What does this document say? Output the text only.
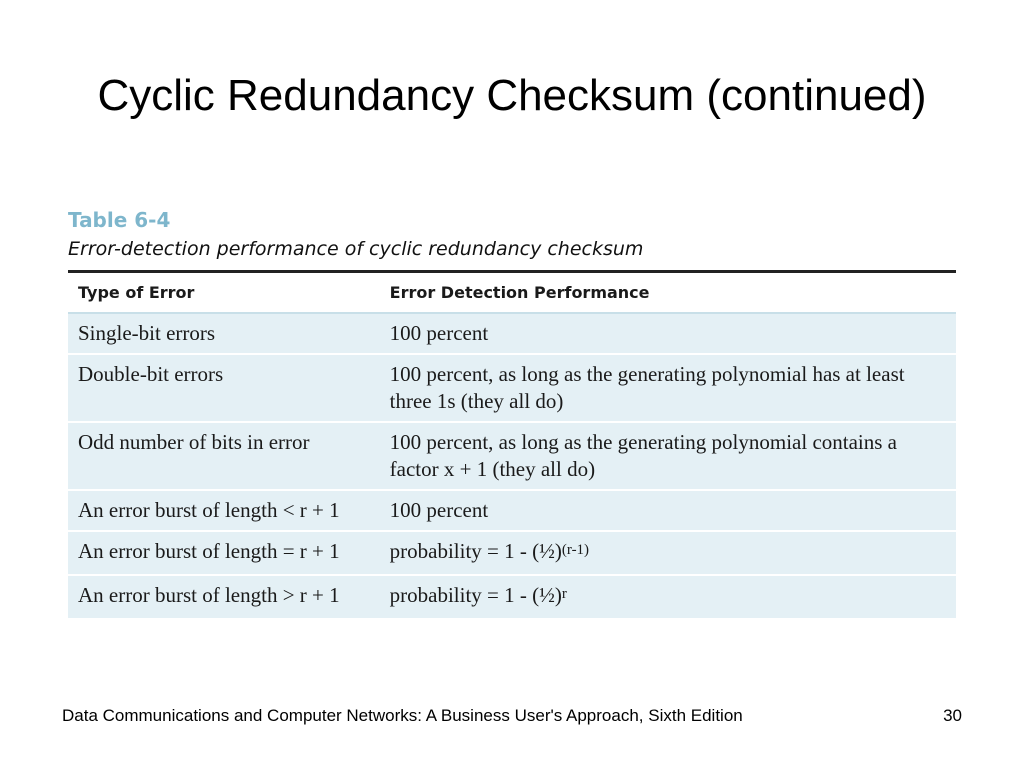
Cyclic Redundancy Checksum (continued)
Table 6-4
Error-detection performance of cyclic redundancy checksum
Type of Error	Error Detection Performance
Single-bit errors	100 percent
Double-bit errors	100 percent, as long as the generating polynomial has at least three 1s (they all do)
Odd number of bits in error	100 percent, as long as the generating polynomial contains a factor x + 1 (they all do)
An error burst of length < r + 1	100 percent
An error burst of length = r + 1	probability = 1 - (½)$^{(r-1)}$
An error burst of length > r + 1	probability = 1 - (½)$^r$
Data Communications and Computer Networks: A Business User's Approach, Sixth Edition	30
